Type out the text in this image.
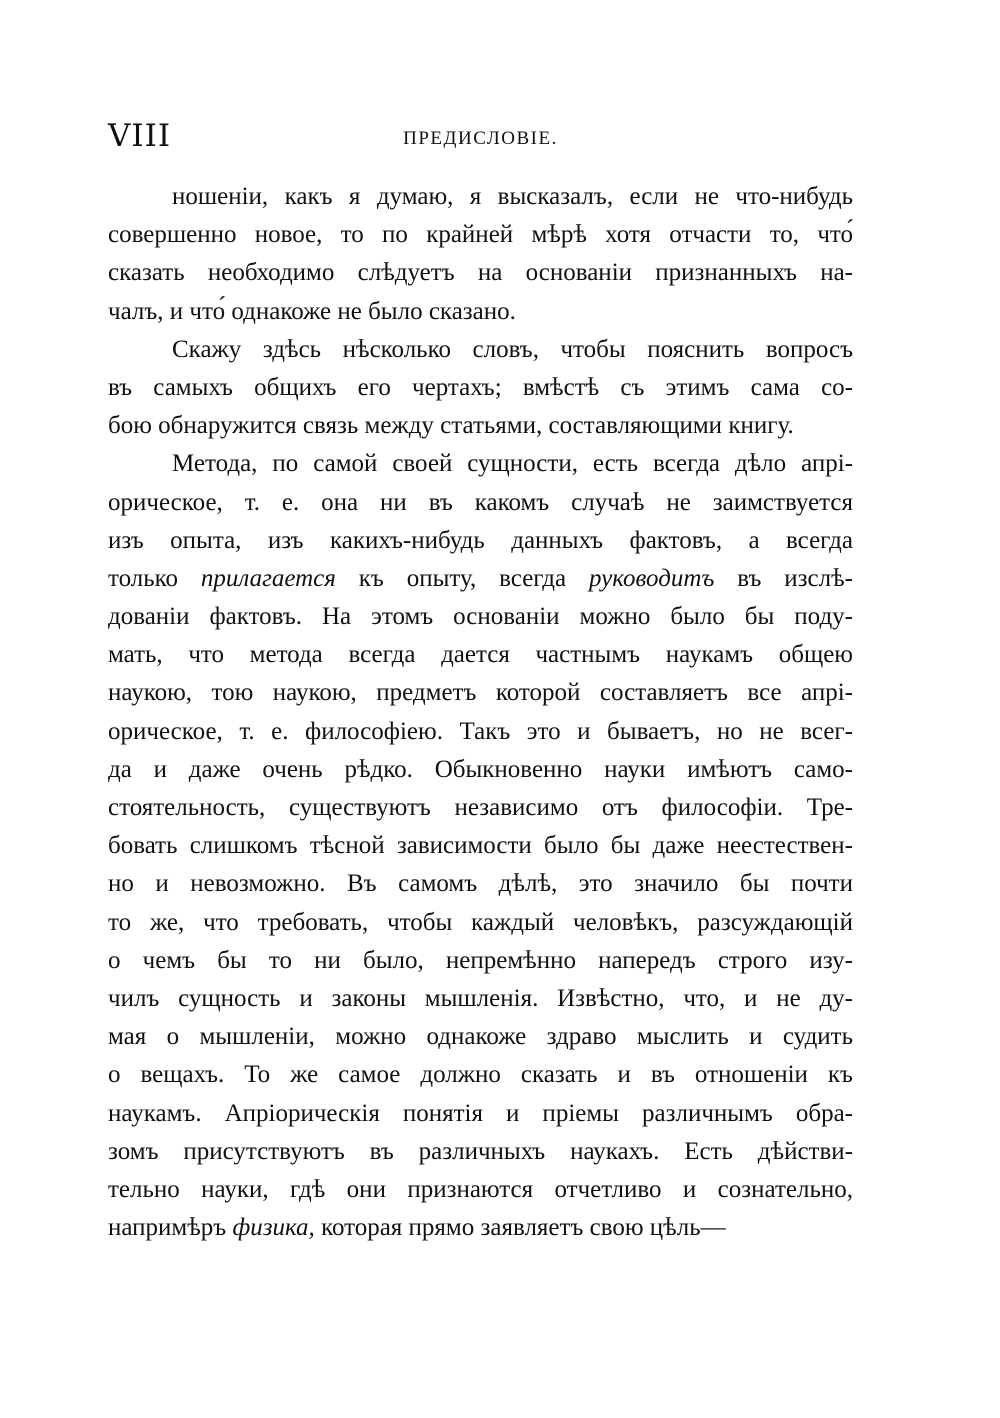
VIII	ПРЕДИСЛОВІЕ.
ношеніи, какъ я думаю, я высказалъ, если не что-нибудь
совершенно новое, то по крайней мѣрѣ хотя отчасти то, что́
сказать необходимо слѣдуетъ на основаніи признанныхъ на-
чалъ, и что́ однакоже не было сказано.
Скажу здѣсь нѣсколько словъ, чтобы пояснить вопросъ
въ самыхъ общихъ его чертахъ; вмѣстѣ съ этимъ сама со-
бою обнаружится связь между статьями, составляющими книгу.
Метода, по самой своей сущности, есть всегда дѣло апрі-
орическое, т. е. она ни въ какомъ случаѣ не заимствуется
изъ опыта, изъ какихъ-нибудь данныхъ фактовъ, а всегда
только прилагается къ опыту, всегда руководитъ въ изслѣ-
дованіи фактовъ. На этомъ основаніи можно было бы поду-
мать, что метода всегда дается частнымъ наукамъ общею
наукою, тою наукою, предметъ которой составляетъ все апрі-
орическое, т. е. философіею. Такъ это и бываетъ, но не всег-
да и даже очень рѣдко. Обыкновенно науки имѣютъ само-
стоятельность, существуютъ независимо отъ философіи. Тре-
бовать слишкомъ тѣсной зависимости было бы даже неестествен-
но и невозможно. Въ самомъ дѣлѣ, это значило бы почти
то же, что требовать, чтобы каждый человѣкъ, разсуждающій
о чемъ бы то ни было, непремѣнно напередъ строго изу-
чилъ сущность и законы мышленія. Извѣстно, что, и не ду-
мая о мышленіи, можно однакоже здраво мыслить и судить
о вещахъ. То же самое должно сказать и въ отношеніи къ
наукамъ. Апріорическія понятія и пріемы различнымъ обра-
зомъ присутствуютъ въ различныхъ наукахъ. Есть дѣйстви-
тельно науки, гдѣ они признаются отчетливо и сознательно,
напримѣръ физика, которая прямо заявляетъ свою цѣль—
